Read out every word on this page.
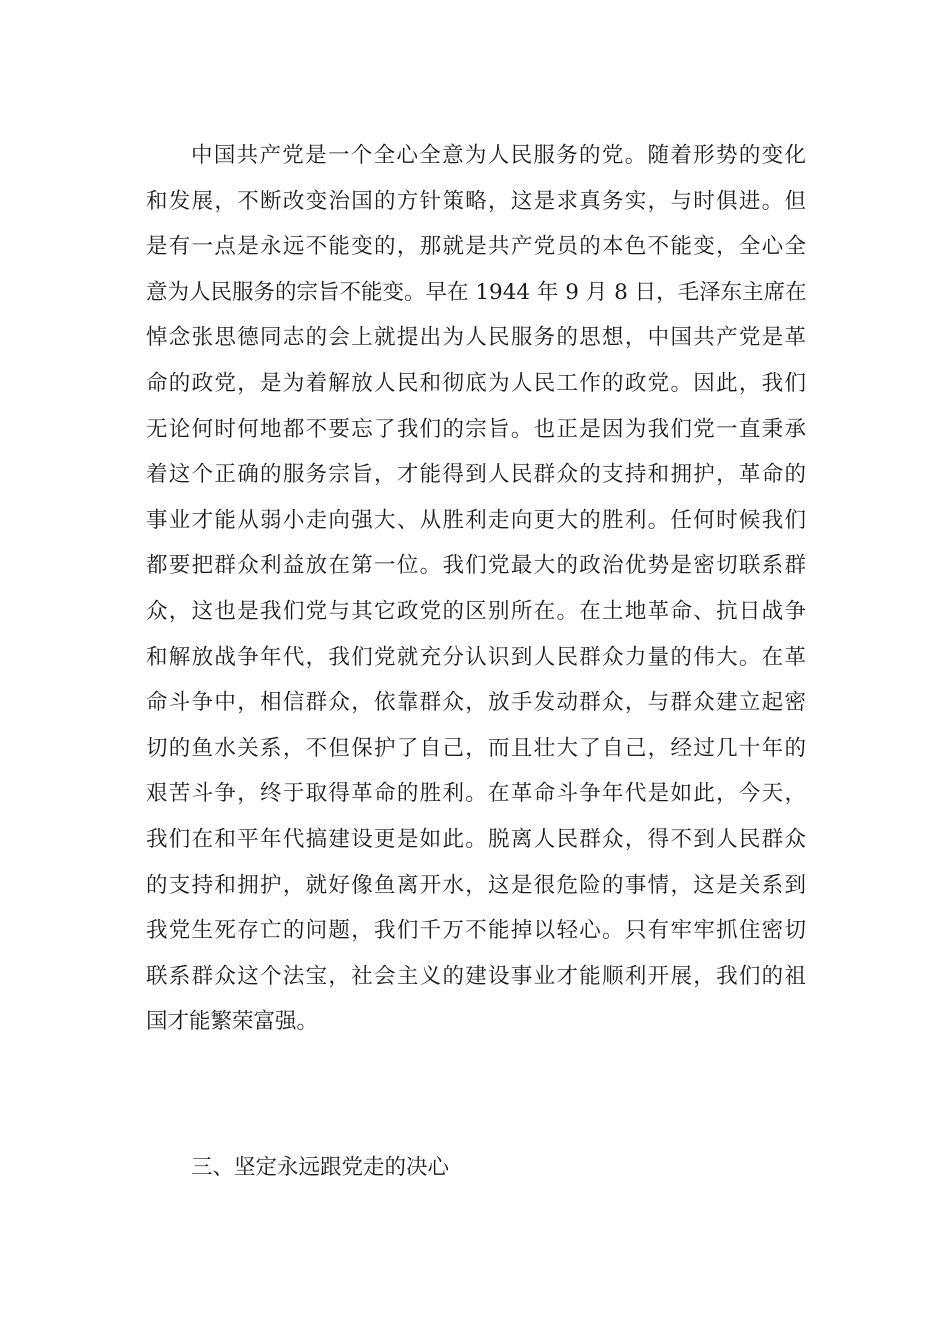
中国共产党是一个全心全意为人民服务的党。随着形势的变化
和发展，不断改变治国的方针策略，这是求真务实，与时俱进。但
是有一点是永远不能变的，那就是共产党员的本色不能变，全心全
意为人民服务的宗旨不能变。早在 1944 年 9 月 8 日，毛泽东主席在
悼念张思德同志的会上就提出为人民服务的思想，中国共产党是革
命的政党，是为着解放人民和彻底为人民工作的政党。因此，我们
无论何时何地都不要忘了我们的宗旨。也正是因为我们党一直秉承
着这个正确的服务宗旨，才能得到人民群众的支持和拥护，革命的
事业才能从弱小走向强大、从胜利走向更大的胜利。任何时候我们
都要把群众利益放在第一位。我们党最大的政治优势是密切联系群
众，这也是我们党与其它政党的区别所在。在土地革命、抗日战争
和解放战争年代，我们党就充分认识到人民群众力量的伟大。在革
命斗争中，相信群众，依靠群众，放手发动群众，与群众建立起密
切的鱼水关系，不但保护了自己，而且壮大了自己，经过几十年的
艰苦斗争，终于取得革命的胜利。在革命斗争年代是如此，今天，
我们在和平年代搞建设更是如此。脱离人民群众，得不到人民群众
的支持和拥护，就好像鱼离开水，这是很危险的事情，这是关系到
我党生死存亡的问题，我们千万不能掉以轻心。只有牢牢抓住密切
联系群众这个法宝，社会主义的建设事业才能顺利开展，我们的祖
国才能繁荣富强。
三、坚定永远跟党走的决心
